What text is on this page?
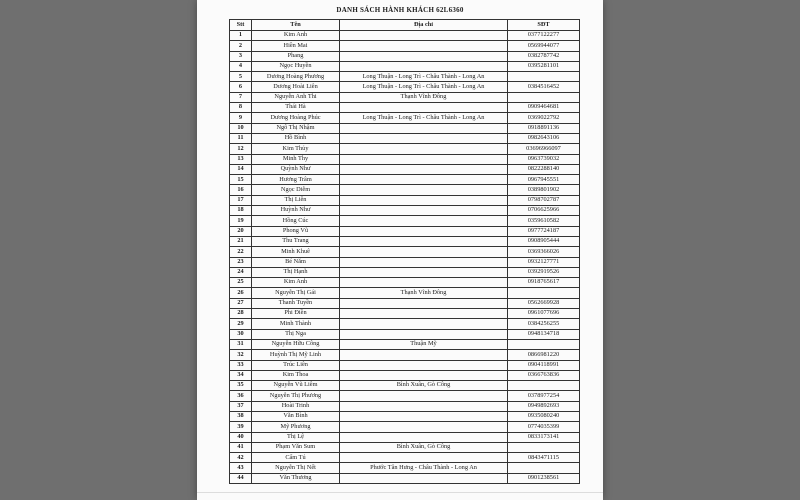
DANH SÁCH HÀNH KHÁCH 62L6360
Stt	Tên	Địa chỉ	SĐT
1	Kim Anh		0377122277
2	Hiền Mai		0569944077
3	Phang		0382787742
4	Ngọc Huyền		0395281101
5	Dương Hoàng Phương	Long Thuận - Long Trì - Châu Thành - Long An	
6	Dương Hoài Liên	Long Thuận - Long Trì - Châu Thành - Long An	0384516452
7	Nguyễn Anh Thi	Thạnh Vĩnh Đông	
8	Thái Hà		0909464681
9	Dương Hoàng Phúc	Long Thuận - Long Trì - Châu Thành - Long An	0369022792
10	Ngô Thị Nhậm		0918891136
11	Hồ Bình		0982643106
12	Kim Thủy		03696966097
13	Minh Thy		0963739032
14	Quỳnh Như		0822288140
15	Hương Trâm		0967945551
16	Ngọc Diễm		0389801902
17	Thị Liên		0798702787
18	Huỳnh Như		0706625966
19	Hồng Cúc		0359610582
20	Phong Vũ		0977724187
21	Thu Trang		0908905444
22	Minh Khuê		0369366026
23	Bé Năm		0932127771
24	Thị Hạnh		0392919526
25	Kim Anh		0918765617
26	Nguyễn Thị Gái	Thạnh Vĩnh Đông	
27	Thanh Tuyền		0562669928
28	Phi Điền		0961077696
29	Minh Thành		0384256255
30	Thị Nga		0948134718
31	Nguyễn Hữu Công	Thuận Mỹ	
32	Huỳnh Thị Mỹ Linh		0866981220
33	Trúc Liên		0904118991
34	Kim Thoa		0366763836
35	Nguyễn Vũ Liêm	Bình Xuân, Gò Công	
36	Nguyễn Thị Phương		0378977254
37	Hoài Trinh		0949892693
38	Văn Bình		0935080240
39	Mỹ Phương		0774035399
40	Thị Lệ		0833173141
41	Phạm Văn Sum	Bình Xuân, Gò Công	
42	Cẩm Tú		0843471115
43	Nguyễn Thị Nết	Phước Tân Hưng - Châu Thành - Long An	
44	Văn Thương		0901238561
